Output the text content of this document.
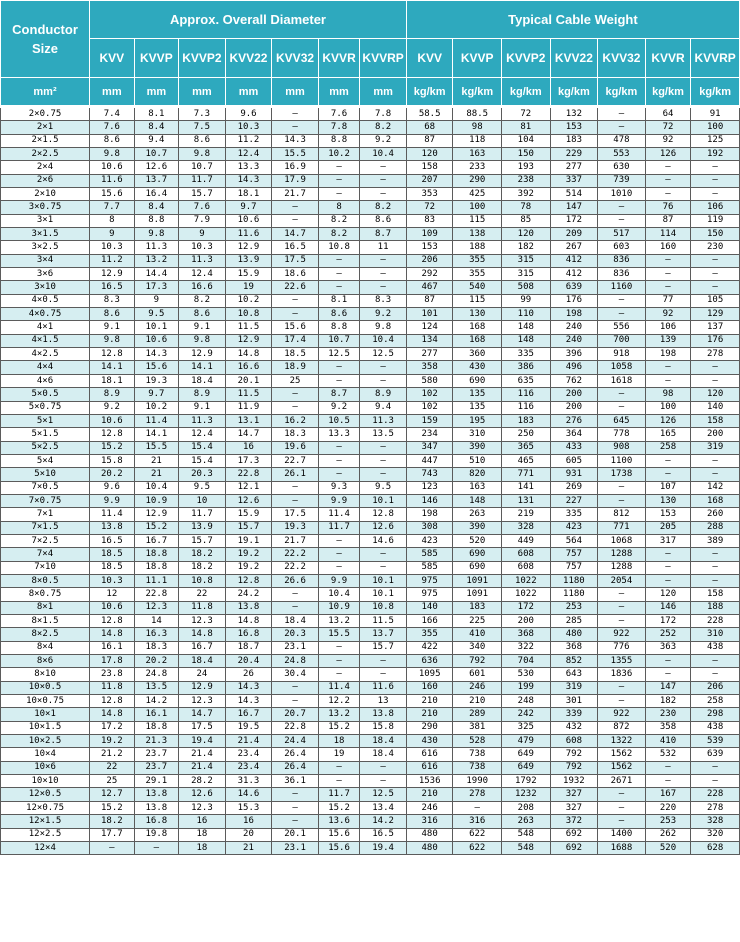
Conductor
Size	Approx. Overall Diameter							Typical Cable Weight						
	KVV	KVVP	KVVP2	KVV22	KVV32	KVVR	KVVRP	KVV	KVVP	KVVP2	KVV22	KVV32	KVVR	KVVRP
mm²	mm	mm	mm	mm	mm	mm	mm	kg/km	kg/km	kg/km	kg/km	kg/km	kg/km	kg/km
2×0.75	7.4	8.1	7.3	9.6	–	7.6	7.8	58.5	88.5	72	132	–	64	91
2×1	7.6	8.4	7.5	10.3	–	7.8	8.2	68	98	81	153	–	72	100
2×1.5	8.6	9.4	8.6	11.2	14.3	8.8	9.2	87	118	104	183	478	92	125
2×2.5	9.8	10.7	9.8	12.4	15.5	10.2	10.4	120	163	150	229	553	126	192
2×4	10.6	12.6	10.7	13.3	16.9	–	–	158	233	193	277	630	–	–
2×6	11.6	13.7	11.7	14.3	17.9	–	–	207	290	238	337	739	–	–
2×10	15.6	16.4	15.7	18.1	21.7	–	–	353	425	392	514	1010	–	–
3×0.75	7.7	8.4	7.6	9.7	–	8	8.2	72	100	78	147	–	76	106
3×1	8	8.8	7.9	10.6	–	8.2	8.6	83	115	85	172	–	87	119
3×1.5	9	9.8	9	11.6	14.7	8.2	8.7	109	138	120	209	517	114	150
3×2.5	10.3	11.3	10.3	12.9	16.5	10.8	11	153	188	182	267	603	160	230
3×4	11.2	13.2	11.3	13.9	17.5	–	–	206	355	315	412	836	–	–
3×6	12.9	14.4	12.4	15.9	18.6	–	–	292	355	315	412	836	–	–
3×10	16.5	17.3	16.6	19	22.6	–	–	467	540	508	639	1160	–	–
4×0.5	8.3	9	8.2	10.2	–	8.1	8.3	87	115	99	176	–	77	105
4×0.75	8.6	9.5	8.6	10.8	–	8.6	9.2	101	130	110	198	–	92	129
4×1	9.1	10.1	9.1	11.5	15.6	8.8	9.8	124	168	148	240	556	106	137
4×1.5	9.8	10.6	9.8	12.9	17.4	10.7	10.4	134	168	148	240	700	139	176
4×2.5	12.8	14.3	12.9	14.8	18.5	12.5	12.5	277	360	335	396	918	198	278
4×4	14.1	15.6	14.1	16.6	18.9	–	–	358	430	386	496	1058	–	–
4×6	18.1	19.3	18.4	20.1	25	–	–	580	690	635	762	1618	–	–
5×0.5	8.9	9.7	8.9	11.5	–	8.7	8.9	102	135	116	200	–	98	120
5×0.75	9.2	10.2	9.1	11.9	–	9.2	9.4	102	135	116	200	–	100	140
5×1	10.6	11.4	11.3	13.1	16.2	10.5	11.3	159	195	183	276	645	126	158
5×1.5	12.8	14.1	12.4	14.7	18.3	13.3	13.5	234	310	250	364	778	165	200
5×2.5	15.2	15.5	15.4	16	19.6	–	–	347	390	365	433	908	258	319
5×4	15.8	21	15.4	17.3	22.7	–	–	447	510	465	605	1100	–	–
5×10	20.2	21	20.3	22.8	26.1	–	–	743	820	771	931	1738	–	–
7×0.5	9.6	10.4	9.5	12.1	–	9.3	9.5	123	163	141	269	–	107	142
7×0.75	9.9	10.9	10	12.6	–	9.9	10.1	146	148	131	227	–	130	168
7×1	11.4	12.9	11.7	15.9	17.5	11.4	12.8	198	263	219	335	812	153	260
7×1.5	13.8	15.2	13.9	15.7	19.3	11.7	12.6	308	390	328	423	771	205	288
7×2.5	16.5	16.7	15.7	19.1	21.7	–	14.6	423	520	449	564	1068	317	389
7×4	18.5	18.8	18.2	19.2	22.2	–	–	585	690	608	757	1288	–	–
7×10	18.5	18.8	18.2	19.2	22.2	–	–	585	690	608	757	1288	–	–
8×0.5	10.3	11.1	10.8	12.8	26.6	9.9	10.1	975	1091	1022	1180	2054	–	–
8×0.75	12	22.8	22	24.2	–	10.4	10.1	975	1091	1022	1180	–	120	158
8×1	10.6	12.3	11.8	13.8	–	10.9	10.8	140	183	172	253	–	146	188
8×1.5	12.8	14	12.3	14.8	18.4	13.2	11.5	166	225	200	285	–	172	228
8×2.5	14.8	16.3	14.8	16.8	20.3	15.5	13.7	355	410	368	480	922	252	310
8×4	16.1	18.3	16.7	18.7	23.1	–	15.7	422	340	322	368	776	363	438
8×6	17.8	20.2	18.4	20.4	24.8	–	–	636	792	704	852	1355	–	–
8×10	23.8	24.8	24	26	30.4	–	–	1095	601	530	643	1836	–	–
10×0.5	11.8	13.5	12.9	14.3	–	11.4	11.6	160	246	199	319	–	147	206
10×0.75	12.8	14.2	12.3	14.3	–	12.2	13	210	210	248	301	–	182	258
10×1	14.8	16.1	14.7	16.7	20.7	13.2	13.8	210	289	242	339	922	230	298
10×1.5	17.2	18.8	17.5	19.5	22.8	15.2	15.8	290	381	325	432	872	358	438
10×2.5	19.2	21.3	19.4	21.4	24.4	18	18.4	430	528	479	608	1322	410	539
10×4	21.2	23.7	21.4	23.4	26.4	19	18.4	616	738	649	792	1562	532	639
10×6	22	23.7	21.4	23.4	26.4	–	–	616	738	649	792	1562	–	–
10×10	25	29.1	28.2	31.3	36.1	–	–	1536	1990	1792	1932	2671	–	–
12×0.5	12.7	13.8	12.6	14.6	–	11.7	12.5	210	278	1232	327	–	167	228
12×0.75	15.2	13.8	12.3	15.3	–	15.2	13.4	246	–	208	327	–	220	278
12×1.5	18.2	16.8	16	16	–	13.6	14.2	316	316	263	372	–	253	328
12×2.5	17.7	19.8	18	20	20.1	15.6	16.5	480	622	548	692	1400	262	320
12×4	–	–	18	21	23.1	15.6	19.4	480	622	548	692	1688	520	628
